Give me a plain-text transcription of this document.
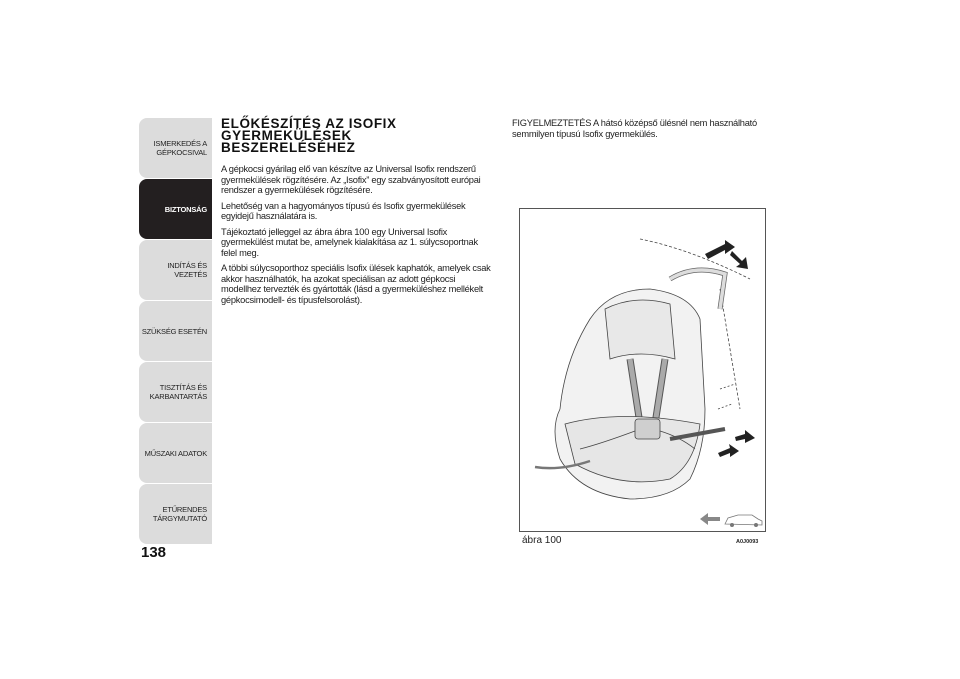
ISMERKEDÉS A
GÉPKOCSIVAL
BIZTONSÁG
INDÍTÁS ÉS VEZETÉS
SZÜKSÉG ESETÉN
TISZTÍTÁS ÉS
KARBANTARTÁS
MŰSZAKI ADATOK
ETŰRENDES
TÁRGYMUTATÓ
138
ELŐKÉSZÍTÉS AZ ISOFIX
GYERMEKÜLÉSEK
BESZERELÉSÉHEZ

A gépkocsi gyárilag elő van készítve az Universal Isofix rendszerű gyermekülések rögzítésére. Az „Isofix” egy szabványosított európai rendszer a gyermekülések rögzítésére.

Lehetőség van a hagyományos típusú és Isofix gyermekülések egyidejű használatára is.

Tájékoztató jelleggel az ábra ábra 100 egy Universal Isofix gyermekülést mutat be, amelynek kialakítása az 1. súlycsoportnak felel meg.

A többi súlycsoporthoz speciális Isofix ülések kaphatók, amelyek csak akkor használhatók, ha azokat speciálisan az adott gépkocsi modellhez tervezték és gyártották (lásd a gyermeküléshez mellékelt gépkocsimodell- és típusfelsorolást).

FIGYELMEZTETÉS A hátsó középső ülésnél nem használható semmilyen típusú Isofix gyermekülés.

ábra 100	A0J0093
